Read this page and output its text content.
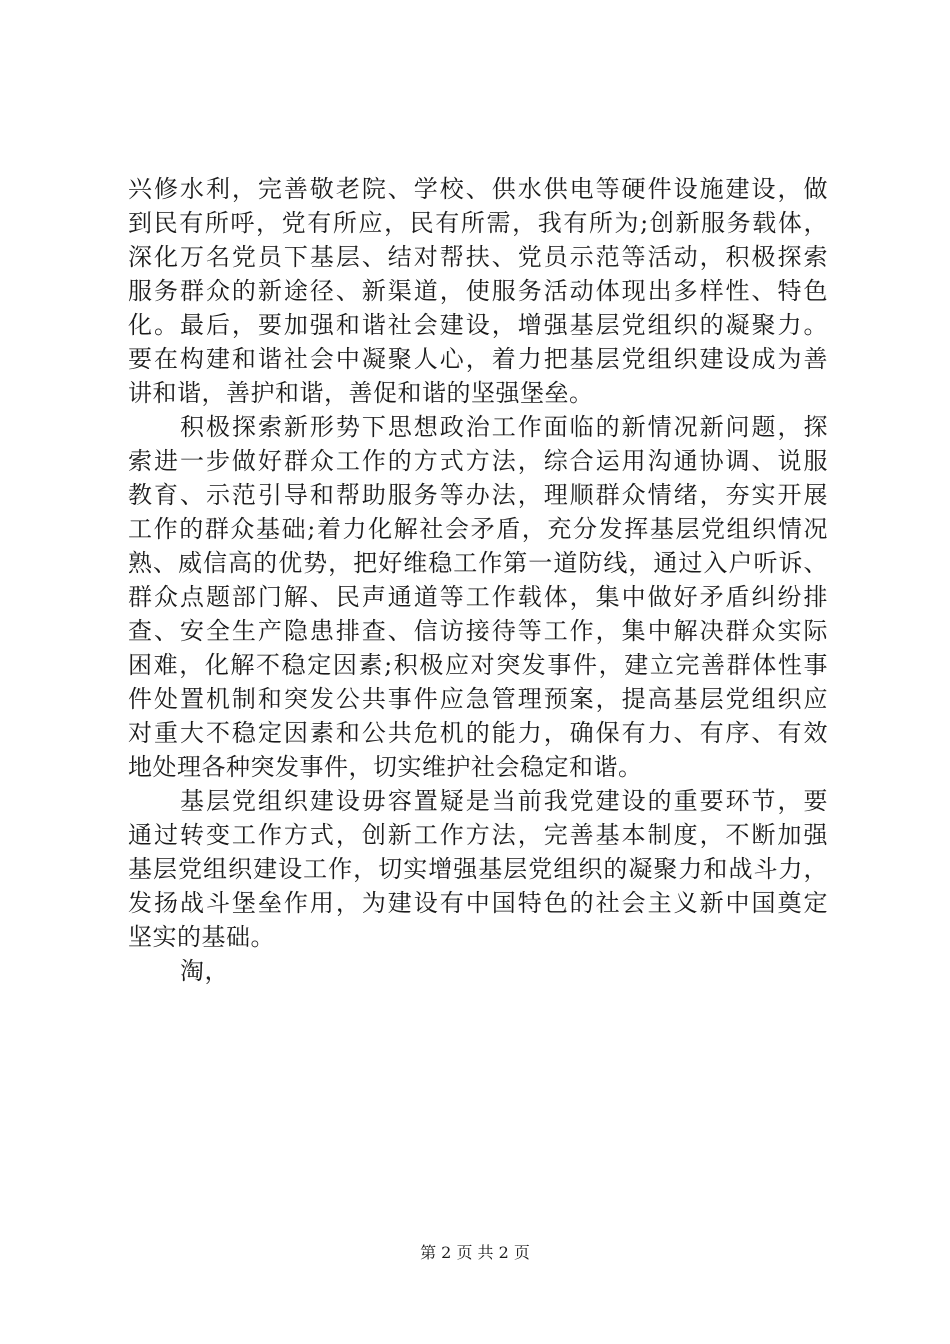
兴修水利，完善敬老院、学校、供水供电等硬件设施建设，做
到民有所呼，党有所应，民有所需，我有所为;创新服务载体，
深化万名党员下基层、结对帮扶、党员示范等活动，积极探索
服务群众的新途径、新渠道，使服务活动体现出多样性、特色
化。最后，要加强和谐社会建设，增强基层党组织的凝聚力。
要在构建和谐社会中凝聚人心，着力把基层党组织建设成为善
讲和谐，善护和谐，善促和谐的坚强堡垒。
积极探索新形势下思想政治工作面临的新情况新问题，探
索进一步做好群众工作的方式方法，综合运用沟通协调、说服
教育、示范引导和帮助服务等办法，理顺群众情绪，夯实开展
工作的群众基础;着力化解社会矛盾，充分发挥基层党组织情况
熟、威信高的优势，把好维稳工作第一道防线，通过入户听诉、
群众点题部门解、民声通道等工作载体，集中做好矛盾纠纷排
查、安全生产隐患排查、信访接待等工作，集中解决群众实际
困难，化解不稳定因素;积极应对突发事件，建立完善群体性事
件处置机制和突发公共事件应急管理预案，提高基层党组织应
对重大不稳定因素和公共危机的能力，确保有力、有序、有效
地处理各种突发事件，切实维护社会稳定和谐。
基层党组织建设毋容置疑是当前我党建设的重要环节，要
通过转变工作方式，创新工作方法，完善基本制度，不断加强
基层党组织建设工作，切实增强基层党组织的凝聚力和战斗力，
发扬战斗堡垒作用，为建设有中国特色的社会主义新中国奠定
坚实的基础。
淘，
第 2 页 共 2 页
